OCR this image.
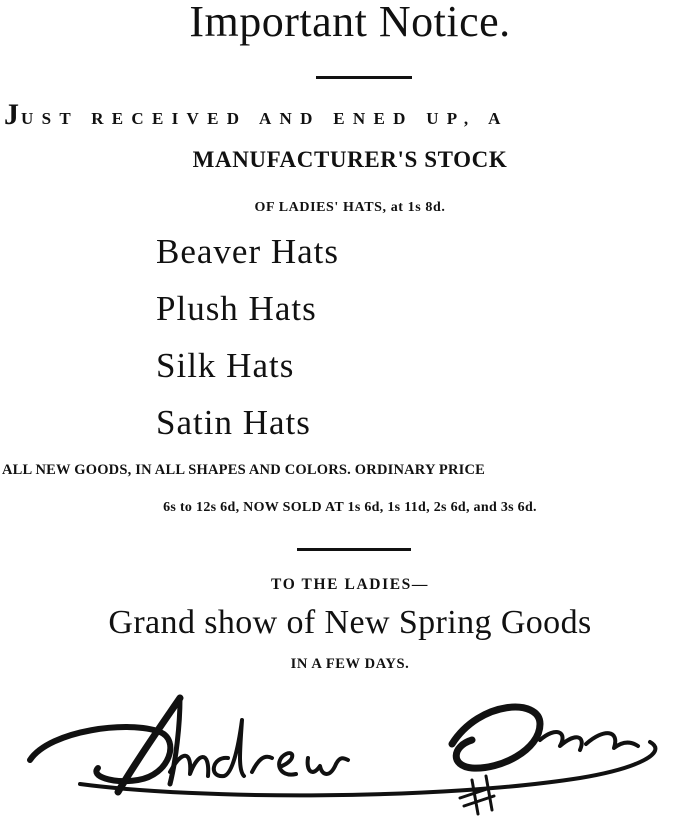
Important Notice.
JUST RECEIVED AND ENED UP, A
MANUFACTURER'S STOCK
OF LADIES' HATS, at 1s 8d.
Beaver Hats
Plush Hats
Silk Hats
Satin Hats
ALL NEW GOODS, IN ALL SHAPES AND COLORS. ORDINARY PRICE
6s to 12s 6d, NOW SOLD AT 1s 6d, 1s 11d, 2s 6d, and 3s 6d.
TO THE LADIES—
Grand show of New Spring Goods
IN A FEW DAYS.
